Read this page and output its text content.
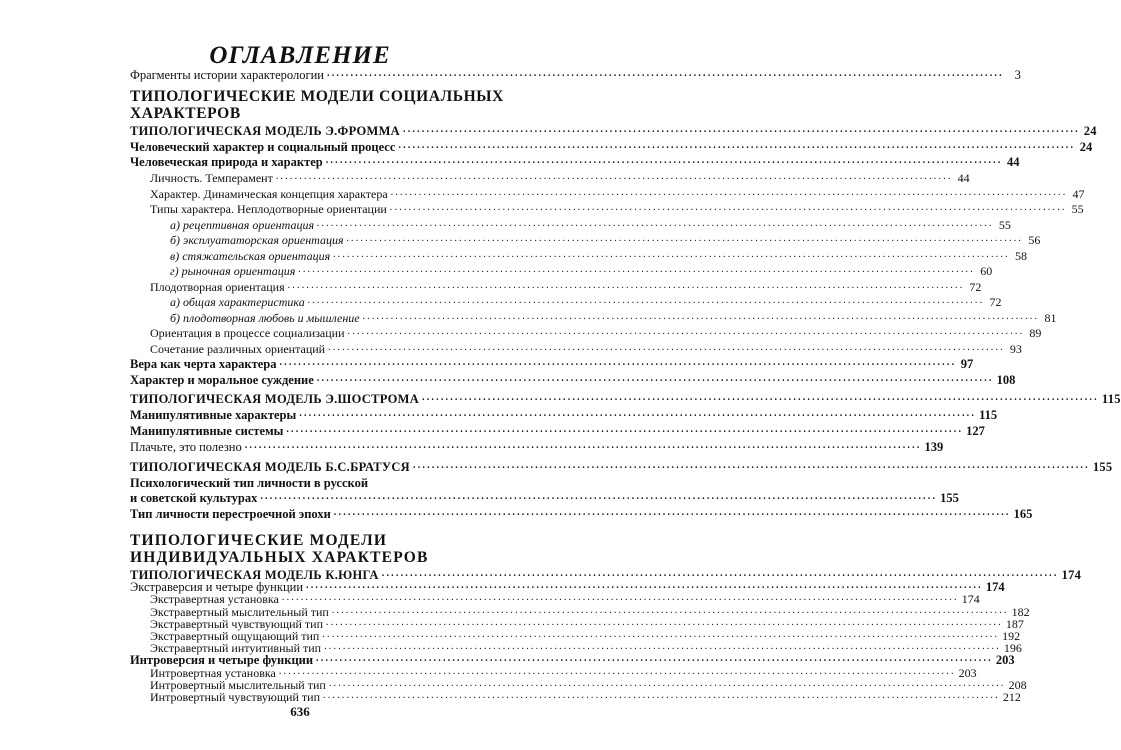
ОГЛАВЛЕНИЕ
Фрагменты истории характерологии .....	3
ТИПОЛОГИЧЕСКИЕ МОДЕЛИ СОЦИАЛЬНЫХ
ХАРАКТЕРОВ
ТИПОЛОГИЧЕСКАЯ МОДЕЛЬ Э.ФРОММА .....	24
Человеческий характер и социальный процесс .....	24
Человеческая природа и характер .....	44
Личность. Темперамент .....	44
Характер. Динамическая концепция характера .....	47
Типы характера. Неплодотворные ориентации .....	55
а) рецептивная ориентация .....	55
б) эксплуататорская ориентация .....	56
в) стяжательская ориентация .....	58
г) рыночная ориентация .....	60
Плодотворная ориентация .....	72
а) общая характеристика .....	72
б) плодотворная любовь и мышление .....	81
Ориентация в процессе социализации .....	89
Сочетание различных ориентаций .....	93
Вера как черта характера .....	97
Характер и моральное суждение .....	108
ТИПОЛОГИЧЕСКАЯ МОДЕЛЬ Э.ШОСТРОМА .....	115
Манипулятивные характеры .....	115
Манипулятивные системы .....	127
Плачьте, это полезно .....	139
ТИПОЛОГИЧЕСКАЯ МОДЕЛЬ Б.С.БРАТУСЯ .....	155
Психологический тип личности в русской
и советской культурах .....	155
Тип личности перестроечной эпохи .....	165
ТИПОЛОГИЧЕСКИЕ МОДЕЛИ
ИНДИВИДУАЛЬНЫХ ХАРАКТЕРОВ
ТИПОЛОГИЧЕСКАЯ МОДЕЛЬ К.ЮНГА .....	174
Экстраверсия и четыре функции .....	174
Экстравертная установка .....	174
Экстравертный мыслительный тип .....	182
Экстравертный чувствующий тип .....	187
Экстравертный ощущающий тип .....	192
Экстравертный интуитивный тип .....	196
Интроверсия и четыре функции .....	203
Интровертная установка .....	203
Интровертный мыслительный тип .....	208
Интровертный чувствующий тип .....	212
636
